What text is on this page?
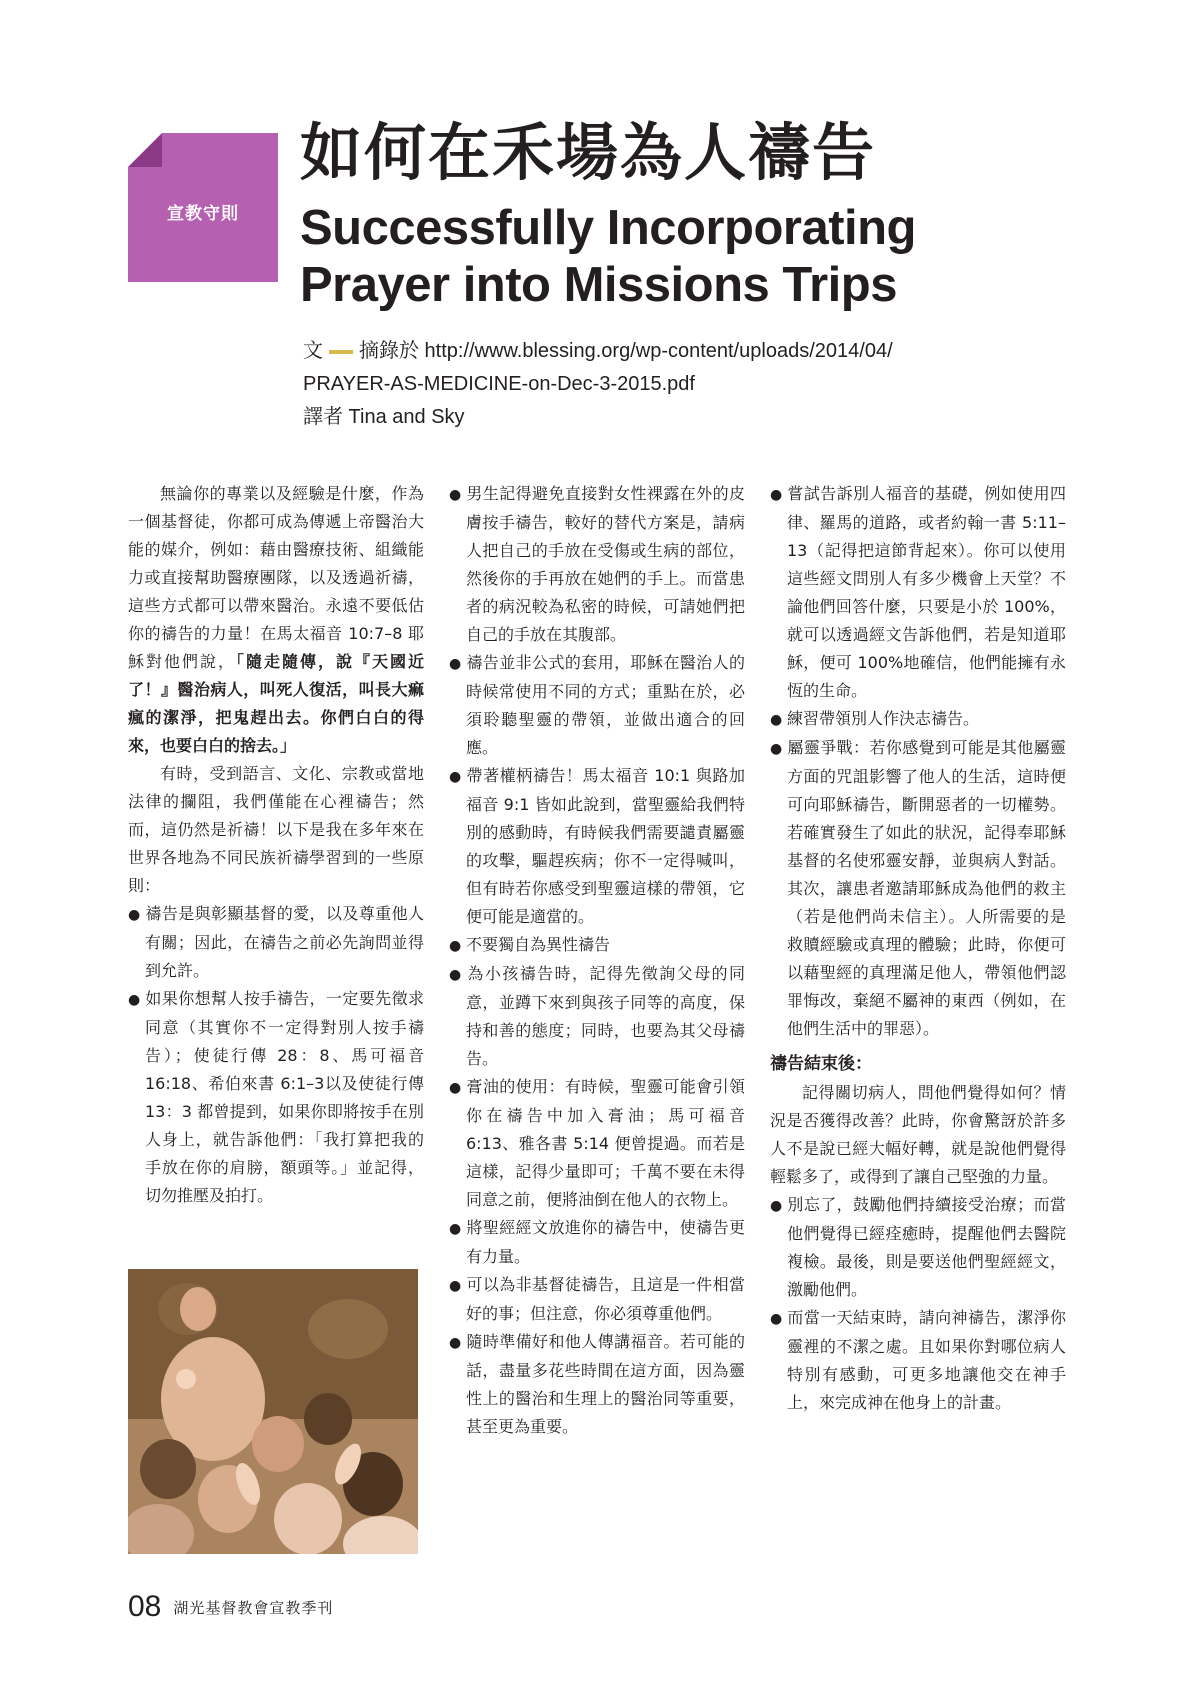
宣教守則
如何在禾場為人禱告
Successfully Incorporating
Prayer into Missions Trips
文 摘錄於 http://www.blessing.org/wp-content/uploads/2014/04/
PRAYER-AS-MEDICINE-on-Dec-3-2015.pdf
譯者 Tina and Sky

無論你的專業以及經驗是什麼，作為一個基督徒，你都可成為傳遞上帝醫治大能的媒介，例如：藉由醫療技術、組織能力或直接幫助醫療團隊，以及透過祈禱，這些方式都可以帶來醫治。永遠不要低估你的禱告的力量！在馬太福音 10:7–8 耶穌對他們說，「隨走隨傳，說『天國近了！』醫治病人，叫死人復活，叫長大痲瘋的潔淨，把鬼趕出去。你們白白的得來，也要白白的捨去。」

有時，受到語言、文化、宗教或當地法律的攔阻，我們僅能在心裡禱告；然而，這仍然是祈禱！以下是我在多年來在世界各地為不同民族祈禱學習到的一些原則：

● 禱告是與彰顯基督的愛，以及尊重他人有關；因此，在禱告之前必先詢問並得到允許。

● 如果你想幫人按手禱告，一定要先徵求同意（其實你不一定得對別人按手禱告）；使徒行傳 28：8、馬可福音 16:18、希伯來書 6:1–3以及使徒行傳 13：3 都曾提到，如果你即將按手在別人身上，就告訴他們：「我打算把我的手放在你的肩膀，額頭等。」並記得，切勿推壓及拍打。

● 男生記得避免直接對女性裸露在外的皮膚按手禱告，較好的替代方案是，請病人把自己的手放在受傷或生病的部位，然後你的手再放在她們的手上。而當患者的病況較為私密的時候，可請她們把自己的手放在其腹部。

● 禱告並非公式的套用，耶穌在醫治人的時候常使用不同的方式；重點在於，必須聆聽聖靈的帶領，並做出適合的回應。

● 帶著權柄禱告！馬太福音 10:1 與路加福音 9:1 皆如此說到，當聖靈給我們特別的感動時，有時候我們需要譴責屬靈的攻擊，驅趕疾病；你不一定得喊叫，但有時若你感受到聖靈這樣的帶領，它便可能是適當的。

● 不要獨自為異性禱告

● 為小孩禱告時，記得先徵詢父母的同意，並蹲下來到與孩子同等的高度，保持和善的態度；同時，也要為其父母禱告。

● 膏油的使用：有時候，聖靈可能會引領你在禱告中加入膏油；馬可福音 6:13、雅各書 5:14 便曾提過。而若是這樣，記得少量即可；千萬不要在未得同意之前，便將油倒在他人的衣物上。

● 將聖經經文放進你的禱告中，使禱告更有力量。

● 可以為非基督徒禱告，且這是一件相當好的事；但注意，你必須尊重他們。

● 隨時準備好和他人傳講福音。若可能的話，盡量多花些時間在這方面，因為靈性上的醫治和生理上的醫治同等重要，甚至更為重要。

● 嘗試告訴別人福音的基礎，例如使用四律、羅馬的道路，或者約翰一書 5:11–13（記得把這節背起來）。你可以使用這些經文問別人有多少機會上天堂？不論他們回答什麼，只要是小於 100%，就可以透過經文告訴他們，若是知道耶穌，便可 100%地確信，他們能擁有永恆的生命。

● 練習帶領別人作決志禱告。

● 屬靈爭戰：若你感覺到可能是其他屬靈方面的咒詛影響了他人的生活，這時便可向耶穌禱告，斷開惡者的一切權勢。若確實發生了如此的狀況，記得奉耶穌基督的名使邪靈安靜，並與病人對話。其次，讓患者邀請耶穌成為他們的救主（若是他們尚未信主）。人所需要的是救贖經驗或真理的體驗；此時，你便可以藉聖經的真理滿足他人，帶領他們認罪悔改，棄絕不屬神的東西（例如，在他們生活中的罪惡）。

禱告結束後：

記得關切病人，問他們覺得如何？情況是否獲得改善？此時，你會驚訝於許多人不是說已經大幅好轉，就是說他們覺得輕鬆多了，或得到了讓自己堅強的力量。

● 別忘了，鼓勵他們持續接受治療；而當他們覺得已經痊癒時，提醒他們去醫院複檢。最後，則是要送他們聖經經文，激勵他們。

● 而當一天結束時，請向神禱告，潔淨你靈裡的不潔之處。且如果你對哪位病人特別有感動，可更多地讓他交在神手上，來完成神在他身上的計畫。

08 湖光基督教會宣教季刊
